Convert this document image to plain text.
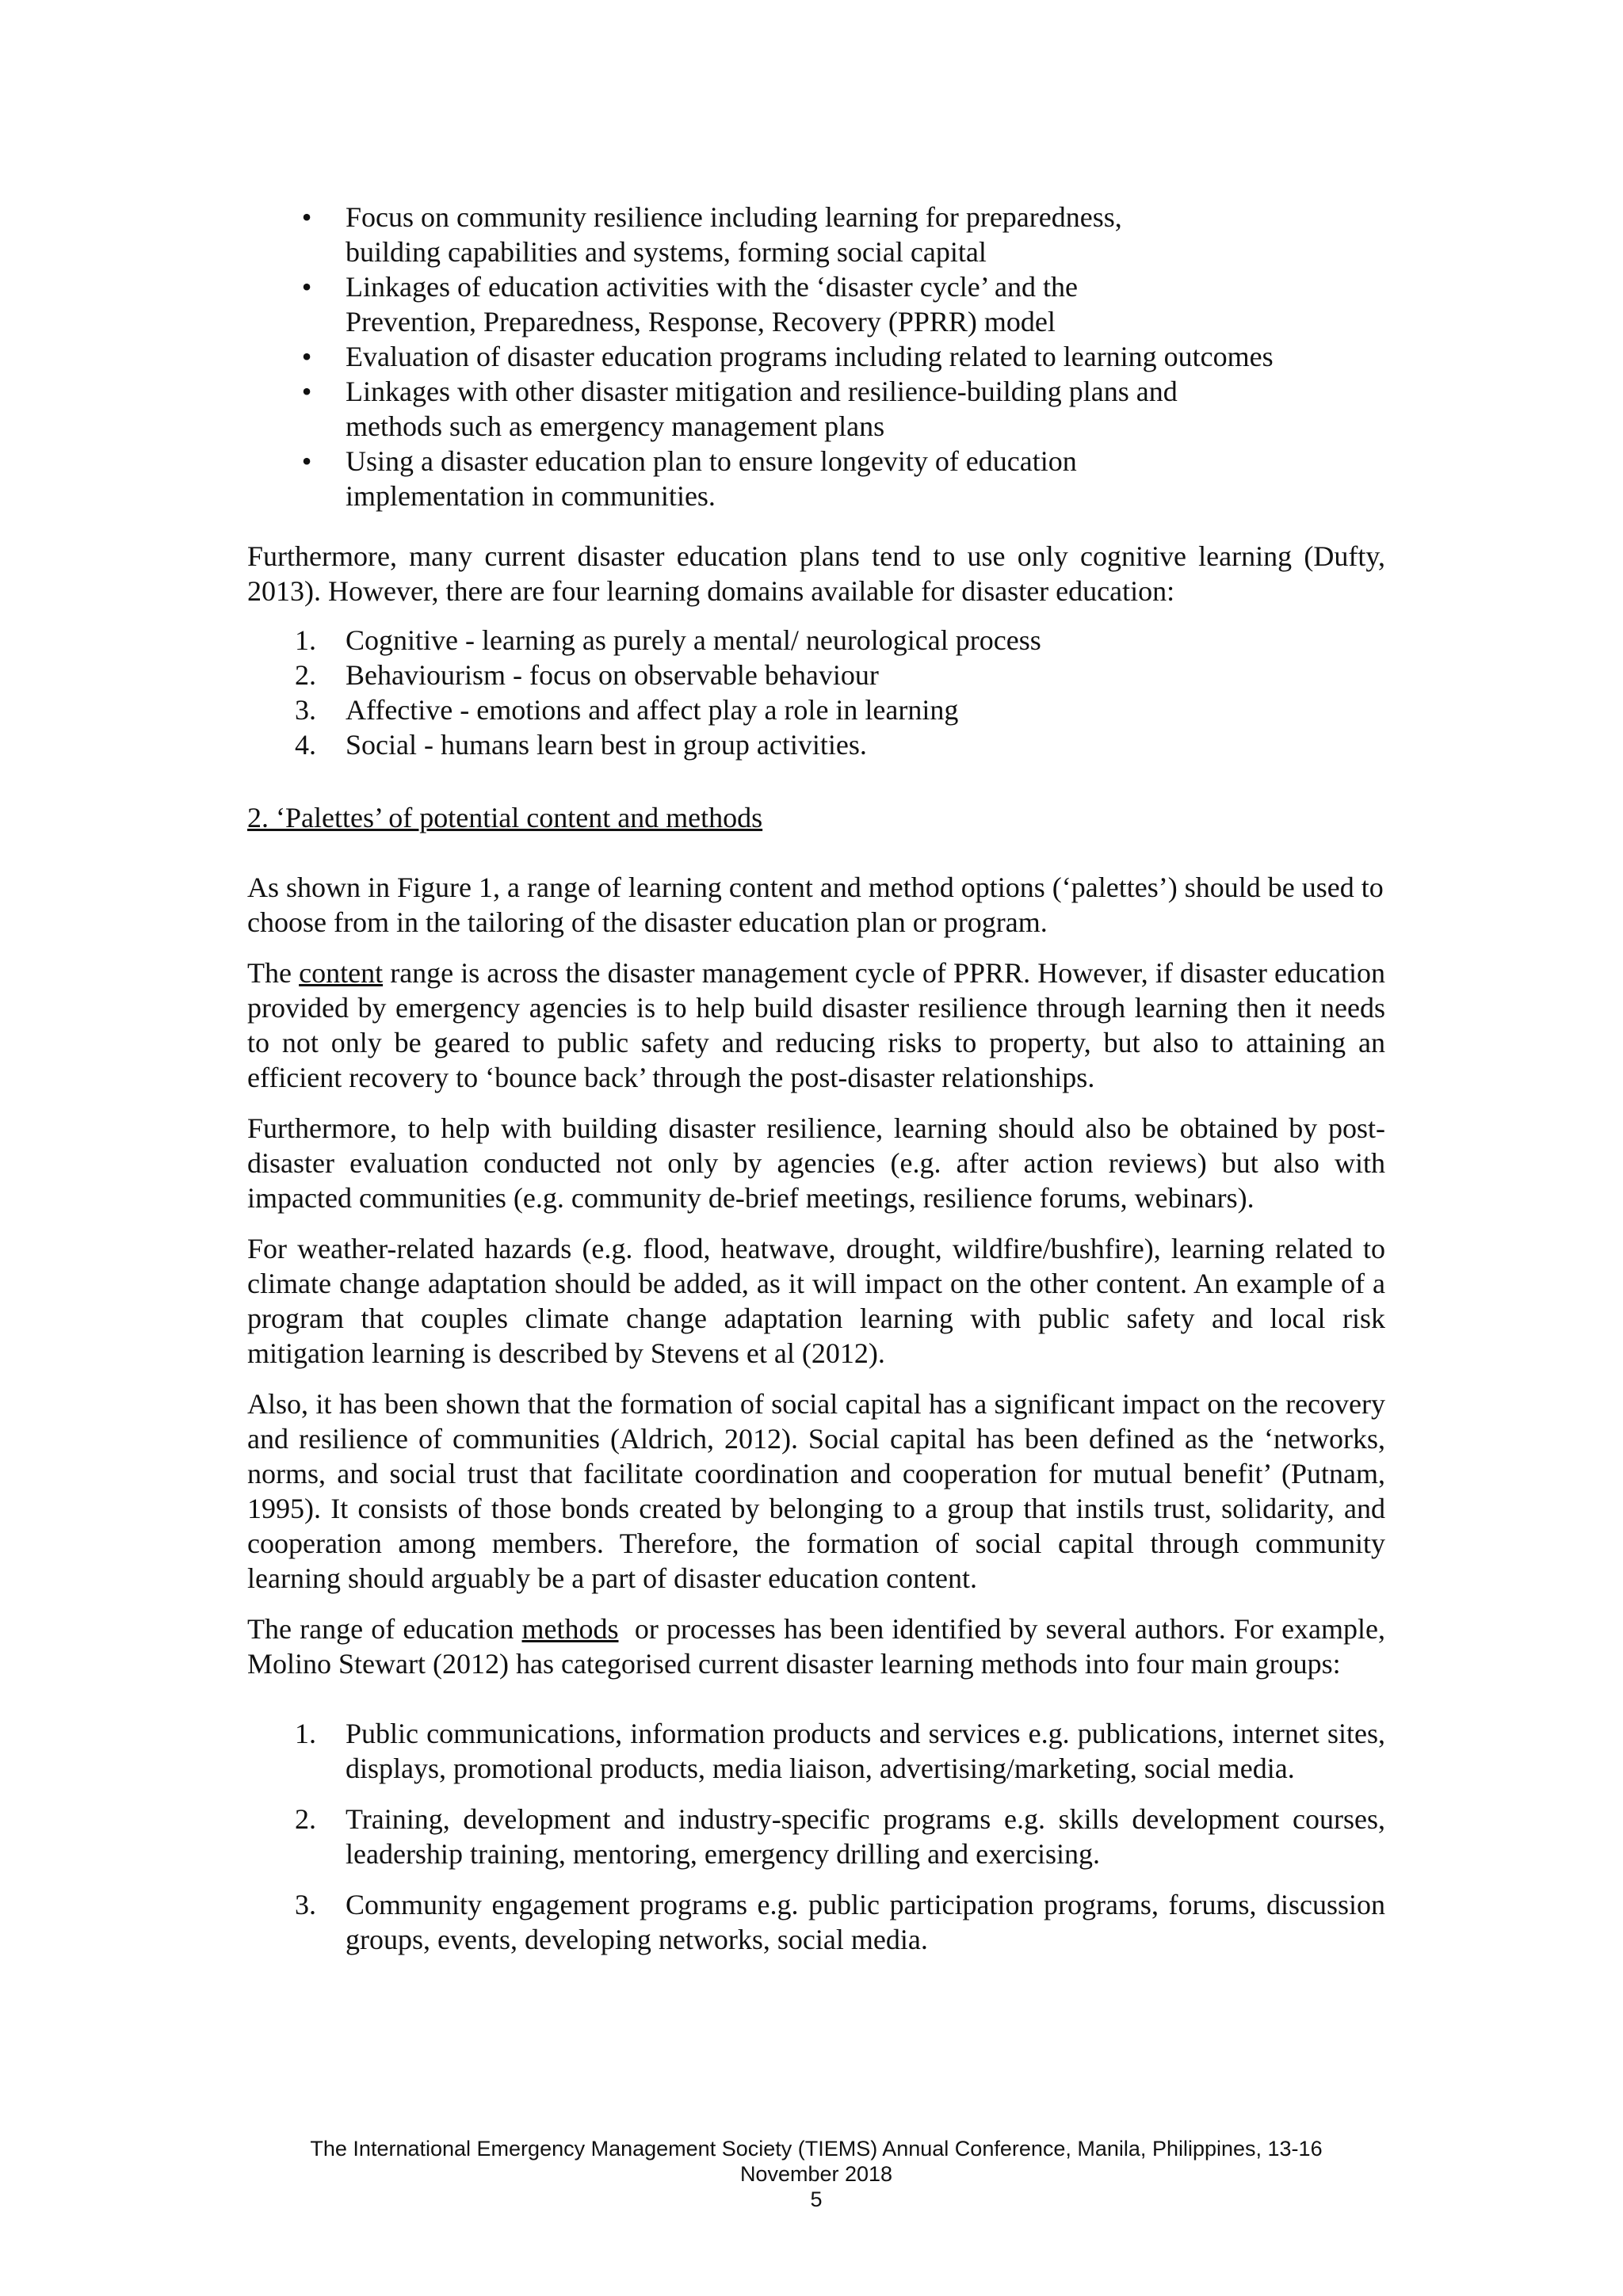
• Focus on community resilience including learning for preparedness, building capabilities and systems, forming social capital
• Linkages of education activities with the ‘disaster cycle’ and the Prevention, Preparedness, Response, Recovery (PPRR) model
• Evaluation of disaster education programs including related to learning outcomes
• Linkages with other disaster mitigation and resilience-building plans and methods such as emergency management plans
• Using a disaster education plan to ensure longevity of education implementation in communities.

Furthermore, many current disaster education plans tend to use only cognitive learning (Dufty, 2013). However, there are four learning domains available for disaster education:

1.	Cognitive - learning as purely a mental/ neurological process
2.	Behaviourism - focus on observable behaviour
3.	Affective - emotions and affect play a role in learning
4.	Social - humans learn best in group activities.
2. ‘Palettes’ of potential content and methods

As shown in Figure 1, a range of learning content and method options (‘palettes’) should be used to choose from in the tailoring of the disaster education plan or program.

The content range is across the disaster management cycle of PPRR. However, if disaster education provided by emergency agencies is to help build disaster resilience through learning then it needs to not only be geared to public safety and reducing risks to property, but also to attaining an efficient recovery to ‘bounce back’ through the post-disaster relationships.

Furthermore, to help with building disaster resilience, learning should also be obtained by post-disaster evaluation conducted not only by agencies (e.g. after action reviews) but also with impacted communities (e.g. community de-brief meetings, resilience forums, webinars).

For weather-related hazards (e.g. flood, heatwave, drought, wildfire/bushfire), learning related to climate change adaptation should be added, as it will impact on the other content. An example of a program that couples climate change adaptation learning with public safety and local risk mitigation learning is described by Stevens et al (2012).

Also, it has been shown that the formation of social capital has a significant impact on the recovery and resilience of communities (Aldrich, 2012). Social capital has been defined as the ‘networks, norms, and social trust that facilitate coordination and cooperation for mutual benefit’ (Putnam, 1995). It consists of those bonds created by belonging to a group that instils trust, solidarity, and cooperation among members. Therefore, the formation of social capital through community learning should arguably be a part of disaster education content.

The range of education methods  or processes has been identified by several authors. For example, Molino Stewart (2012) has categorised current disaster learning methods into four main groups:

1.	Public communications, information products and services e.g. publications, internet sites, displays, promotional products, media liaison, advertising/marketing, social media.
2.	Training, development and industry-specific programs e.g. skills development courses, leadership training, mentoring, emergency drilling and exercising.
3.	Community engagement programs e.g. public participation programs, forums, discussion groups, events, developing networks, social media.
The International Emergency Management Society (TIEMS) Annual Conference, Manila, Philippines, 13-16
November 2018
5
